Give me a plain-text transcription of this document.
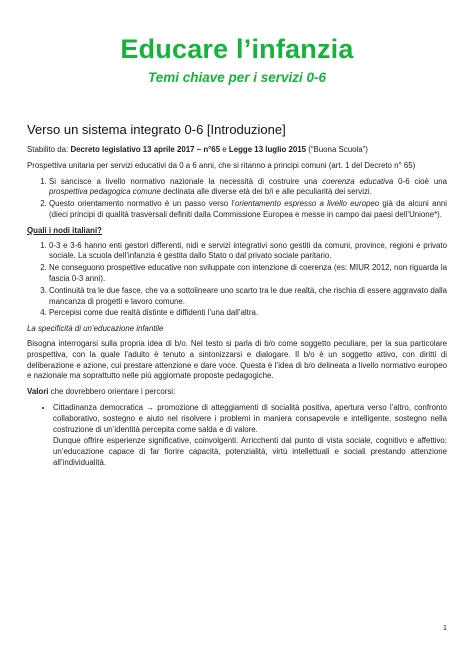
Educare l’infanzia
Temi chiave per i servizi 0-6
Verso un sistema integrato 0-6 [Introduzione]

Stabilito da: Decreto legislativo 13 aprile 2017 – n°65 e Legge 13 luglio 2015 (“Buona Scuola”)

Prospettiva unitaria per servizi educativi da 0 a 6 anni, che si ritanno a principi comuni (art. 1 del Decreto n° 65)

1. Si sancisce a livello normativo nazionale la necessità di costruire una coerenza educativa 0-6 cioè una prospettiva pedagogica comune declinata alle diverse età dei b/i e alle peculiarità dei servizi.
2. Questo orientamento normativo è un passo verso l’orientamento espresso a livello europeo già da alcuni anni (dieci principi di qualità trasversali definiti dalla Commissione Europea e messe in campo dai paesi dell’Unione*).
Quali i nodi italiani?
1. 0-3 e 3-6 hanno enti gestori differenti, nidi e servizi integrativi sono gestiti da comuni, province, regioni e privato sociale. La scuola dell’infanzia è gestita dallo Stato o dal privato sociale paritario.
2. Ne conseguono prospettive educative non sviluppate con intenzione di coerenza (es: MIUR 2012, non riguarda la fascia 0-3 anni).
3. Continuità tra le due fasce, che va a sottolineare uno scarto tra le due realtà, che rischia di essere aggravato dalla mancanza di progetti e lavoro comune.
4. Percepisi come due realtà distinte e diffidenti l’una dall’altra.
La specificità di un’educazione infantile

Bisogna interrogarsi sulla propria idea di b/o. Nel testo si parla di b/o come soggetto peculiare, per la sua particolare prospettiva, con la quale l’adulto è tenuto a sintonizzarsi e dialogare. Il b/o è un soggetto attivo, con diritti di deliberazione e azione, cui prestare attenzione e dare voce. Questa è l’idea di b/o delineata a livello normativo europeo e nazionale ma soprattutto nelle più aggiornate proposte pedagogiche.

Valori che dovrebbero orientare i percorsi:

• Cittadinanza democratica → promozione di atteggiamenti di socialità positiva, apertura verso l’altro, confronto collaborativo, sostegno e aiuto nel risolvere i problemi in maniera consapevole e intelligente, sostegno nella costruzione di un’identità percepita come salda e di valore.
Dunque offrire esperienze significative, coinvolgenti. Arricchenti dal punto di vista sociale, cognitivo e affettivo: un’educazione capace di far fiorire capacità, potenzialità, virtù intellettuali e sociali prestando attenzione all’individualità.
1
